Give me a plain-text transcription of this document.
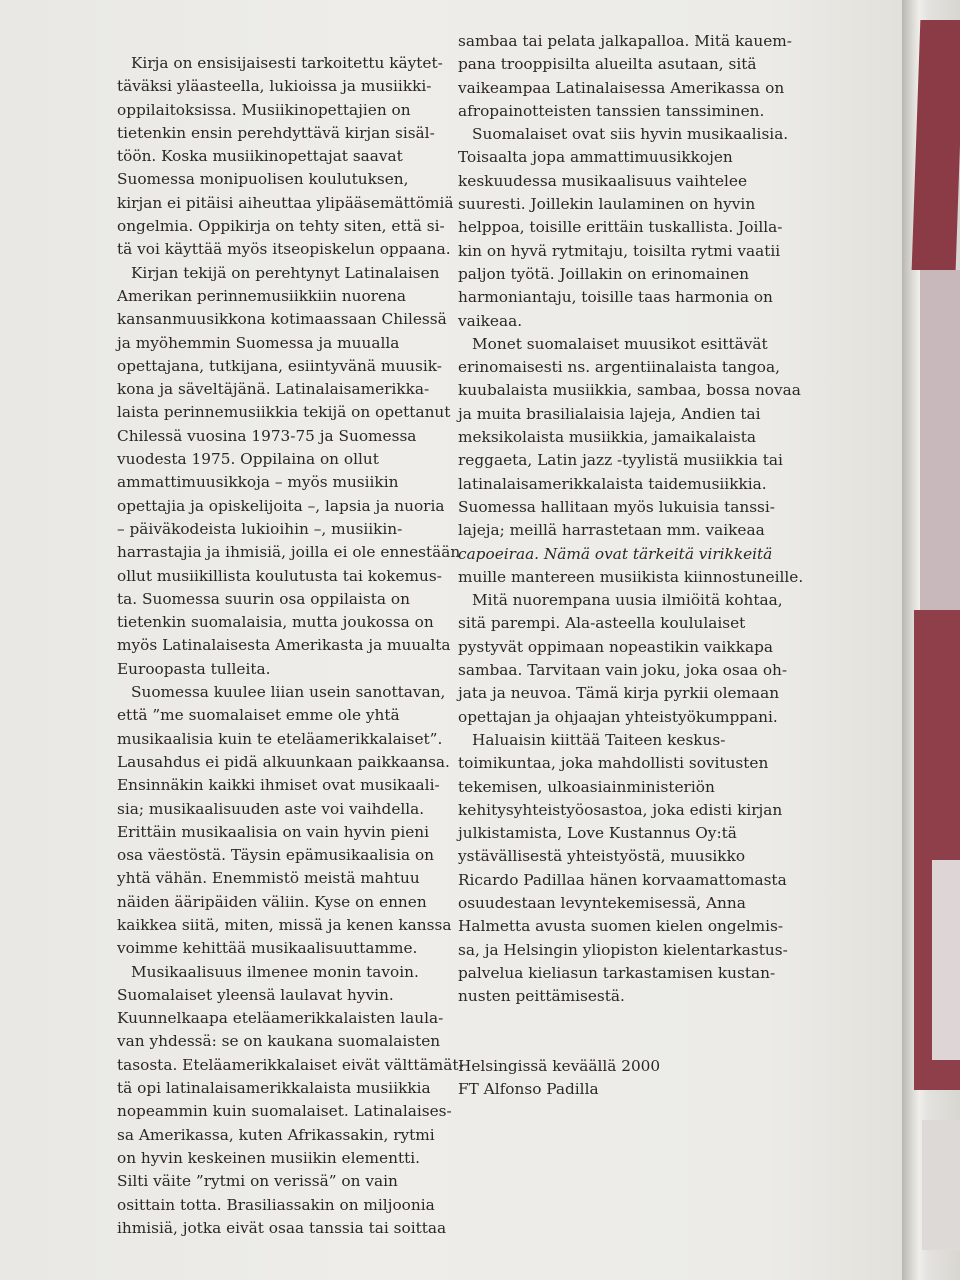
Kirja on ensisijaisesti tarkoitettu käytet-

täväksi yläasteella, lukioissa ja musiikki-

oppilaitoksissa. Musiikinopettajien on

tietenkin ensin perehdyttävä kirjan sisäl-

töön. Koska musiikinopettajat saavat

Suomessa monipuolisen koulutuksen,

kirjan ei pitäisi aiheuttaa ylipääsemättömiä

ongelmia. Oppikirja on tehty siten, että si-

tä voi käyttää myös itseopiskelun oppaana.

Kirjan tekijä on perehtynyt Latinalaisen

Amerikan perinnemusiikkiin nuorena

kansanmuusikkona kotimaassaan Chilessä

ja myöhemmin Suomessa ja muualla

opettajana, tutkijana, esiintyvänä muusik-

kona ja säveltäjänä. Latinalaisamerikka-

laista perinnemusiikkia tekijä on opettanut

Chilessä vuosina 1973-75 ja Suomessa

vuodesta 1975. Oppilaina on ollut

ammattimuusikkoja – myös musiikin

opettajia ja opiskelijoita –, lapsia ja nuoria

– päiväkodeista lukioihin –, musiikin-

harrastajia ja ihmisiä, joilla ei ole ennestään

ollut musiikillista koulutusta tai kokemus-

ta. Suomessa suurin osa oppilaista on

tietenkin suomalaisia, mutta joukossa on

myös Latinalaisesta Amerikasta ja muualta

Euroopasta tulleita.

Suomessa kuulee liian usein sanottavan,

että ”me suomalaiset emme ole yhtä

musikaalisia kuin te eteläamerikkalaiset”.

Lausahdus ei pidä alkuunkaan paikkaansa.

Ensinnäkin kaikki ihmiset ovat musikaali-

sia; musikaalisuuden aste voi vaihdella.

Erittäin musikaalisia on vain hyvin pieni

osa väestöstä. Täysin epämusikaalisia on

yhtä vähän. Enemmistö meistä mahtuu

näiden ääripäiden väliin. Kyse on ennen

kaikkea siitä, miten, missä ja kenen kanssa

voimme kehittää musikaalisuuttamme.

Musikaalisuus ilmenee monin tavoin.

Suomalaiset yleensä laulavat hyvin.

Kuunnelkaapa eteläamerikkalaisten laula-

van yhdessä: se on kaukana suomalaisten

tasosta. Eteläamerikkalaiset eivät välttämät-

tä opi latinalaisamerikkalaista musiikkia

nopeammin kuin suomalaiset. Latinalaises-

sa Amerikassa, kuten Afrikassakin, rytmi

on hyvin keskeinen musiikin elementti.

Silti väite ”rytmi on verissä” on vain

osittain totta. Brasiliassakin on miljoonia

ihmisiä, jotka eivät osaa tanssia tai soittaa

sambaa tai pelata jalkapalloa. Mitä kauem-

pana trooppisilta alueilta asutaan, sitä

vaikeampaa Latinalaisessa Amerikassa on

afropainotteisten tanssien tanssiminen.

Suomalaiset ovat siis hyvin musikaalisia.

Toisaalta jopa ammattimuusikkojen

keskuudessa musikaalisuus vaihtelee

suuresti. Joillekin laulaminen on hyvin

helppoa, toisille erittäin tuskallista. Joilla-

kin on hyvä rytmitaju, toisilta rytmi vaatii

paljon työtä. Joillakin on erinomainen

harmoniantaju, toisille taas harmonia on

vaikeaa.

Monet suomalaiset muusikot esittävät

erinomaisesti ns. argentiinalaista tangoa,

kuubalaista musiikkia, sambaa, bossa novaa

ja muita brasilialaisia lajeja, Andien tai

meksikolaista musiikkia, jamaikalaista

reggaeta, Latin jazz -tyylistä musiikkia tai

latinalaisamerikkalaista taidemusiikkia.

Suomessa hallitaan myös lukuisia tanssi-

lajeja; meillä harrastetaan mm. vaikeaa

capoeiraa. Nämä ovat tärkeitä virikkeitä

muille mantereen musiikista kiinnostuneille.

Mitä nuorempana uusia ilmiöitä kohtaa,

sitä parempi. Ala-asteella koululaiset

pystyvät oppimaan nopeastikin vaikkapa

sambaa. Tarvitaan vain joku, joka osaa oh-

jata ja neuvoa. Tämä kirja pyrkii olemaan

opettajan ja ohjaajan yhteistyökumppani.

Haluaisin kiittää Taiteen keskus-

toimikuntaa, joka mahdollisti sovitusten

tekemisen, ulkoasiainministeriön

kehitysyhteistyöosastoa, joka edisti kirjan

julkistamista, Love Kustannus Oy:tä

ystävällisestä yhteistyöstä, muusikko

Ricardo Padillaa hänen korvaamattomasta

osuudestaan levyntekemisessä, Anna

Halmetta avusta suomen kielen ongelmis-

sa, ja Helsingin yliopiston kielentarkastus-

palvelua kieliasun tarkastamisen kustan-

nusten peittämisestä.

Helsingissä keväällä 2000
FT Alfonso Padilla
